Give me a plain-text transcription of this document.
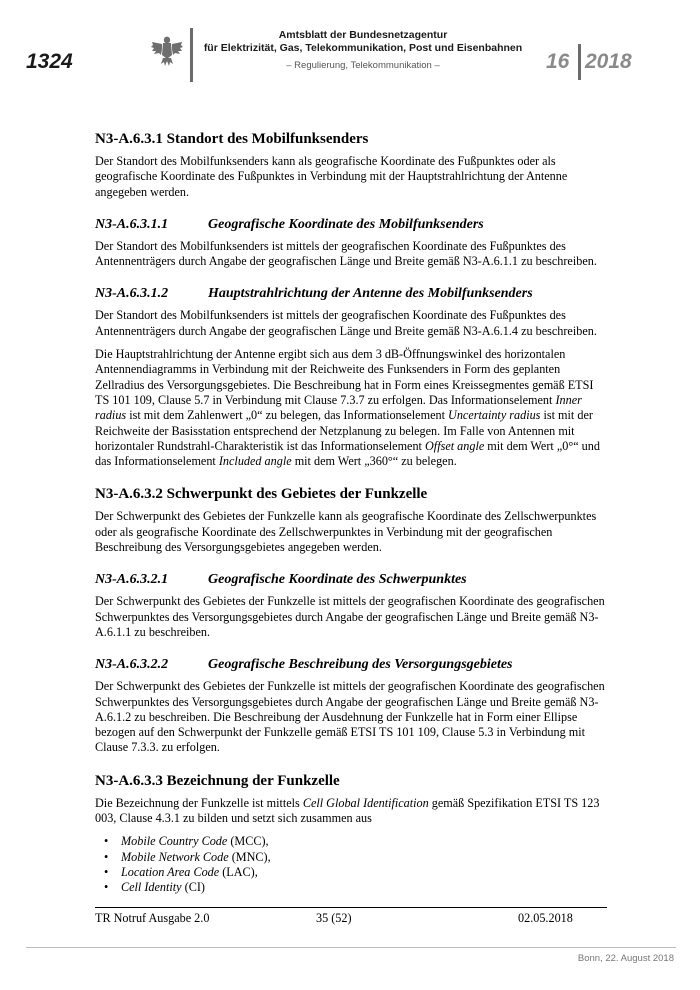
1324
Amtsblatt der Bundesnetzagentur
für Elektrizität, Gas, Telekommunikation, Post und Eisenbahnen
– Regulierung, Telekommunikation –	16 2018
N3-A.6.3.1 Standort des Mobilfunksenders

Der Standort des Mobilfunksenders kann als geografische Koordinate des Fußpunktes oder als geografische Koordinate des Fußpunktes in Verbindung mit der Hauptstrahlrichtung der Antenne angegeben werden.

N3-A.6.3.1.1	Geografische Koordinate des Mobilfunksenders

Der Standort des Mobilfunksenders ist mittels der geografischen Koordinate des Fußpunktes des Antennenträgers durch Angabe der geografischen Länge und Breite gemäß N3-A.6.1.1 zu beschreiben.

N3-A.6.3.1.2	Hauptstrahlrichtung der Antenne des Mobilfunksenders

Der Standort des Mobilfunksenders ist mittels der geografischen Koordinate des Fußpunktes des Antennenträgers durch Angabe der geografischen Länge und Breite gemäß N3-A.6.1.4 zu beschreiben.

Die Hauptstrahlrichtung der Antenne ergibt sich aus dem 3 dB-Öffnungswinkel des horizontalen Antennendiagramms in Verbindung mit der Reichweite des Funksenders in Form des geplanten Zellradius des Versorgungsgebietes. Die Beschreibung hat in Form eines Kreissegmentes gemäß ETSI TS 101 109, Clause 5.7 in Verbindung mit Clause 7.3.7 zu erfolgen. Das Informationselement Inner radius ist mit dem Zahlenwert „0“ zu belegen, das Informationselement Uncertainty radius ist mit der Reichweite der Basisstation entsprechend der Netzplanung zu belegen. Im Falle von Antennen mit horizontaler Rundstrahl-Charakteristik ist das Informationselement Offset angle mit dem Wert „0°“ und das Informationselement Included angle mit dem Wert „360°“ zu belegen.

N3-A.6.3.2 Schwerpunkt des Gebietes der Funkzelle

Der Schwerpunkt des Gebietes der Funkzelle kann als geografische Koordinate des Zellschwerpunktes oder als geografische Koordinate des Zellschwerpunktes in Verbindung mit der geografischen Beschreibung des Versorgungsgebietes angegeben werden.

N3-A.6.3.2.1	Geografische Koordinate des Schwerpunktes

Der Schwerpunkt des Gebietes der Funkzelle ist mittels der geografischen Koordinate des geografischen Schwerpunktes des Versorgungsgebietes durch Angabe der geografischen Länge und Breite gemäß N3-A.6.1.1 zu beschreiben.

N3-A.6.3.2.2	Geografische Beschreibung des Versorgungsgebietes

Der Schwerpunkt des Gebietes der Funkzelle ist mittels der geografischen Koordinate des geografischen Schwerpunktes des Versorgungsgebietes durch Angabe der geografischen Länge und Breite gemäß N3-A.6.1.2 zu beschreiben. Die Beschreibung der Ausdehnung der Funkzelle hat in Form einer Ellipse bezogen auf den Schwerpunkt der Funkzelle gemäß ETSI TS 101 109, Clause 5.3 in Verbindung mit Clause 7.3.3. zu erfolgen.

N3-A.6.3.3 Bezeichnung der Funkzelle

Die Bezeichnung der Funkzelle ist mittels Cell Global Identification gemäß Spezifikation ETSI TS 123 003, Clause 4.3.1 zu bilden und setzt sich zusammen aus

• Mobile Country Code (MCC),
• Mobile Network Code (MNC),
• Location Area Code (LAC),
• Cell Identity (CI)
TR Notruf Ausgabe 2.0	35 (52)	02.05.2018
Bonn, 22. August 2018
